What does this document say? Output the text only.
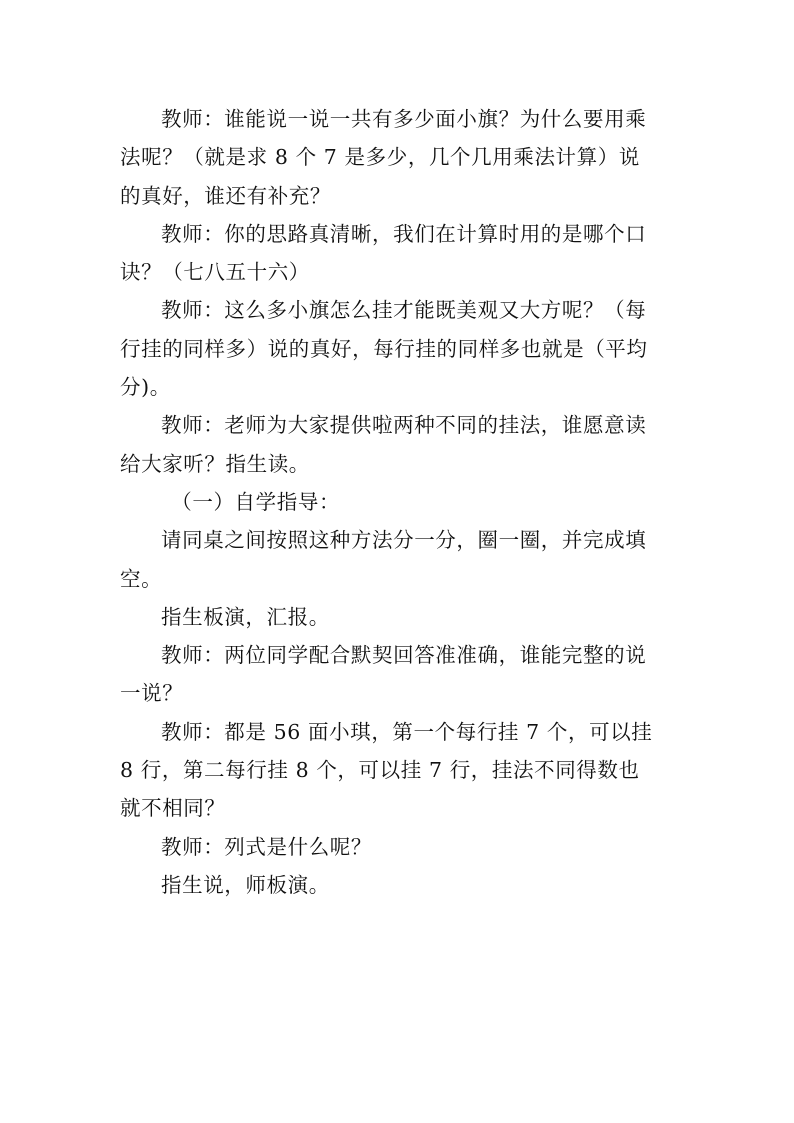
教师：谁能说一说一共有多少面小旗？为什么要用乘法呢？（就是求 8 个 7 是多少，几个几用乘法计算）说的真好，谁还有补充？

教师：你的思路真清晰，我们在计算时用的是哪个口诀？（七八五十六）

教师：这么多小旗怎么挂才能既美观又大方呢？（每行挂的同样多）说的真好，每行挂的同样多也就是（平均分)。

教师：老师为大家提供啦两种不同的挂法，谁愿意读给大家听？指生读。

（一）自学指导：

请同桌之间按照这种方法分一分，圈一圈，并完成填空。

指生板演，汇报。

教师：两位同学配合默契回答准准确，谁能完整的说一说？

教师：都是 56 面小琪，第一个每行挂 7 个，可以挂 8 行，第二每行挂 8 个，可以挂 7 行，挂法不同得数也就不相同？

教师：列式是什么呢？

指生说，师板演。
